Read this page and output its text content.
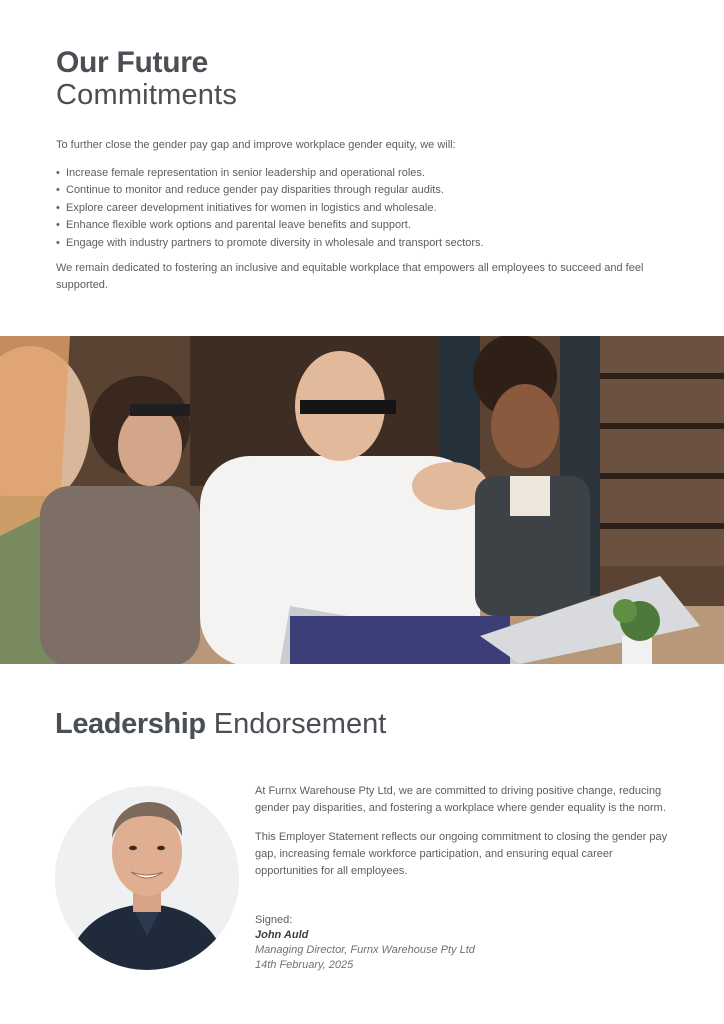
Our Future
Commitments

To further close the gender pay gap and improve workplace gender equity, we will:

• Increase female representation in senior leadership and operational roles.
• Continue to monitor and reduce gender pay disparities through regular audits.
• Explore career development initiatives for women in logistics and wholesale.
• Enhance flexible work options and parental leave benefits and support.
• Engage with industry partners to promote diversity in wholesale and transport sectors.

We remain dedicated to fostering an inclusive and equitable workplace that empowers all employees to succeed and feel supported.

Leadership Endorsement

At Furnx Warehouse Pty Ltd, we are committed to driving positive change, reducing gender pay disparities, and fostering a workplace where gender equality is the norm.

This Employer Statement reflects our ongoing commitment to closing the gender pay gap, increasing female workforce participation, and ensuring equal career opportunities for all employees.

Signed:
John Auld
Managing Director, Furnx Warehouse Pty Ltd
14th February, 2025
